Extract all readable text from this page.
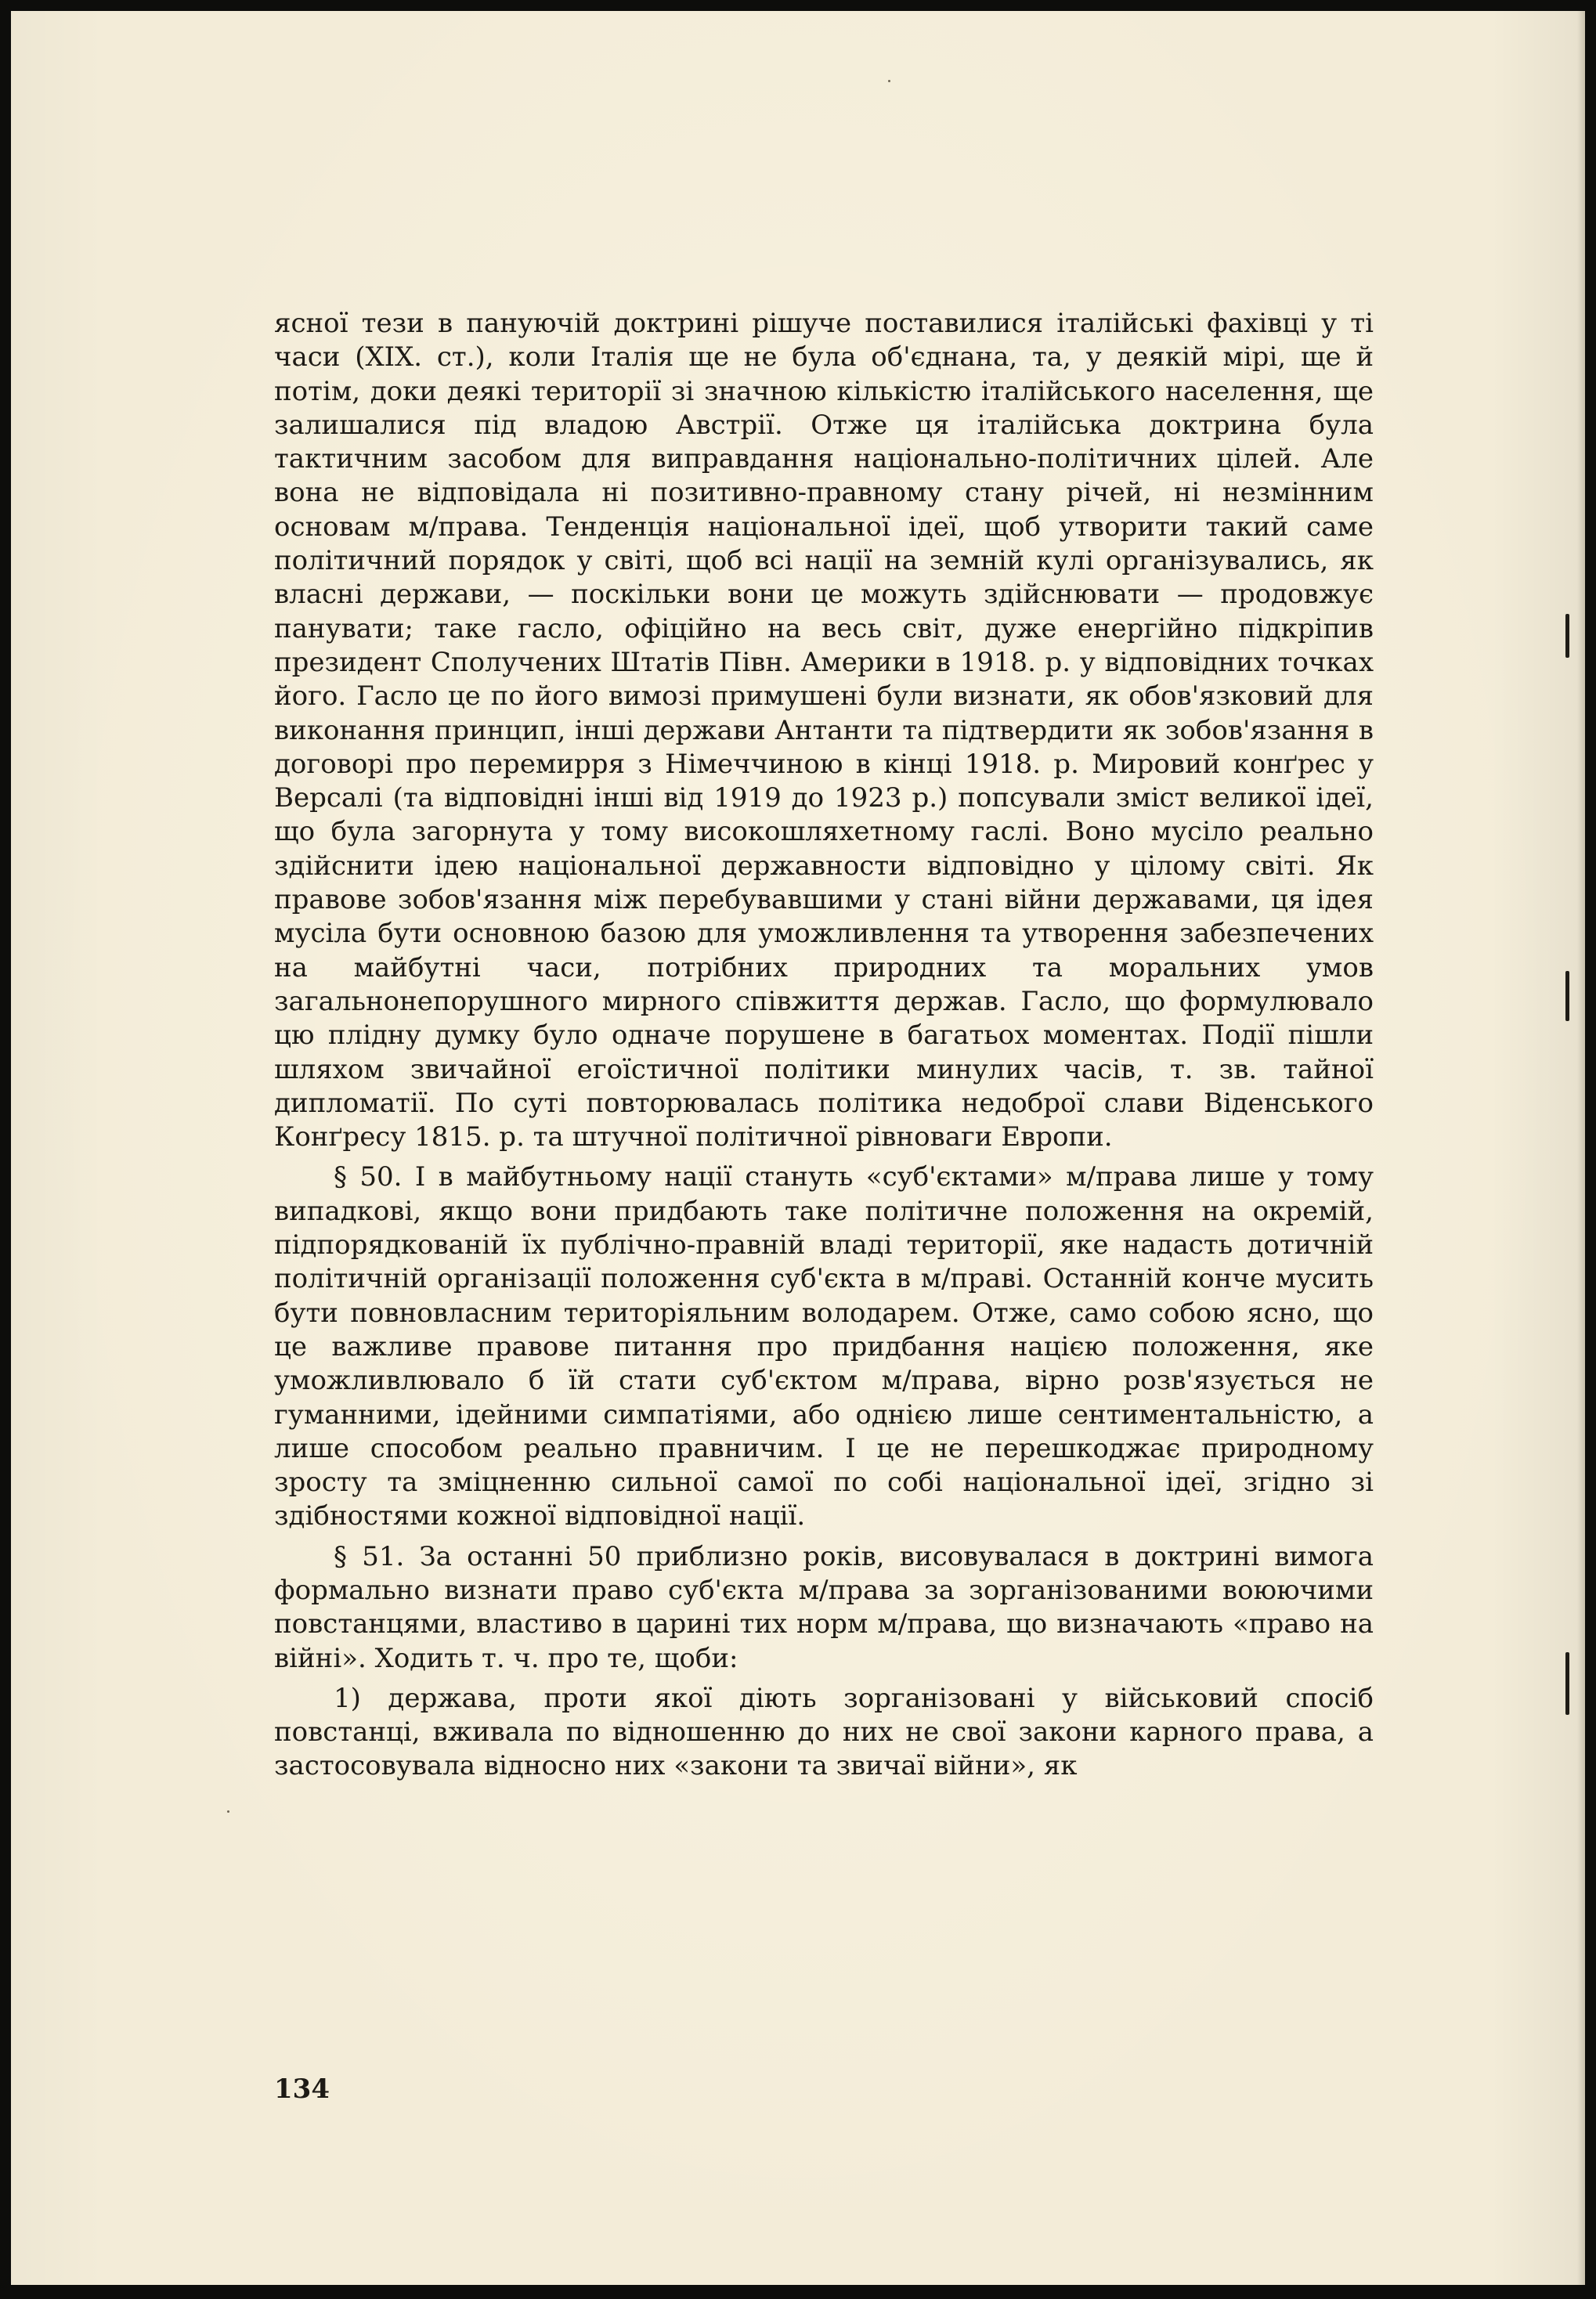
ясної тези в пануючій доктрині рішуче поставилися італійські фахівці у ті часи (XIX. ст.), коли Італія ще не була об'єднана, та, у деякій мірі, ще й потім, доки деякі території зі значною кількістю італійського населення, ще залишалися під владою Австрії. Отже ця італійська доктрина була тактичним засобом для виправдання національно-політичних цілей. Але вона не відповідала ні позитивно-правному стану річей, ні незмінним основам м/права. Тенденція національної ідеї, щоб утворити такий саме політичний порядок у світі, щоб всі нації на земній кулі організувались, як власні держави, — поскільки вони це можуть здійснювати — продовжує панувати; таке гасло, офіційно на весь світ, дуже енергійно підкріпив президент Сполучених Штатів Півн. Америки в 1918. р. у відповідних точках його. Гасло це по його вимозі примушені були визнати, як обов'язковий для виконання принцип, інші держави Антанти та підтвердити як зобов'язання в договорі про перемирря з Німеччиною в кінці 1918. р. Мировий конґрес у Версалі (та відповідні інші від 1919 до 1923 р.) попсували зміст великої ідеї, що була загорнута у тому високошляхетному гаслі. Воно мусіло реально здійснити ідею національної державности відповідно у цілому світі. Як правове зобов'язання між перебувавшими у стані війни державами, ця ідея мусіла бути основною базою для уможливлення та утворення забезпечених на майбутні часи, потрібних природних та моральних умов загальнонепорушного мирного співжиття держав. Гасло, що формулювало цю плідну думку було одначе порушене в багатьох моментах. Події пішли шляхом звичайної егоїстичної політики минулих часів, т. зв. тайної дипломатії. По суті повторювалась політика недоброї слави Віденського Конґресу 1815. р. та штучної політичної рівноваги Европи.

§ 50. І в майбутньому нації стануть «суб'єктами» м/права лише у тому випадкові, якщо вони придбають таке політичне положення на окремій, підпорядкованій їх публічно-правній владі території, яке надасть дотичній політичній організації положення суб'єкта в м/праві. Останній конче мусить бути повновласним територіяльним володарем. Отже, само собою ясно, що це важливе правове питання про придбання нацією положення, яке уможливлювало б їй стати суб'єктом м/права, вірно розв'язується не гуманними, ідейними симпатіями, або однією лише сентиментальністю, а лише способом реально правничим. І це не перешкоджає природному зросту та зміцненню сильної самої по собі національної ідеї, згідно зі здібностями кожної відповідної нації.

§ 51. За останні 50 приблизно років, висовувалася в доктрині вимога формально визнати право суб'єкта м/права за зорганізованими воюючими повстанцями, властиво в царині тих норм м/права, що визначають «право на війні». Ходить т. ч. про те, щоби:

1) держава, проти якої діють зорганізовані у військовий спосіб повстанці, вживала по відношенню до них не свої закони карного права, а застосовувала відносно них «закони та звичаї війни», як

134
